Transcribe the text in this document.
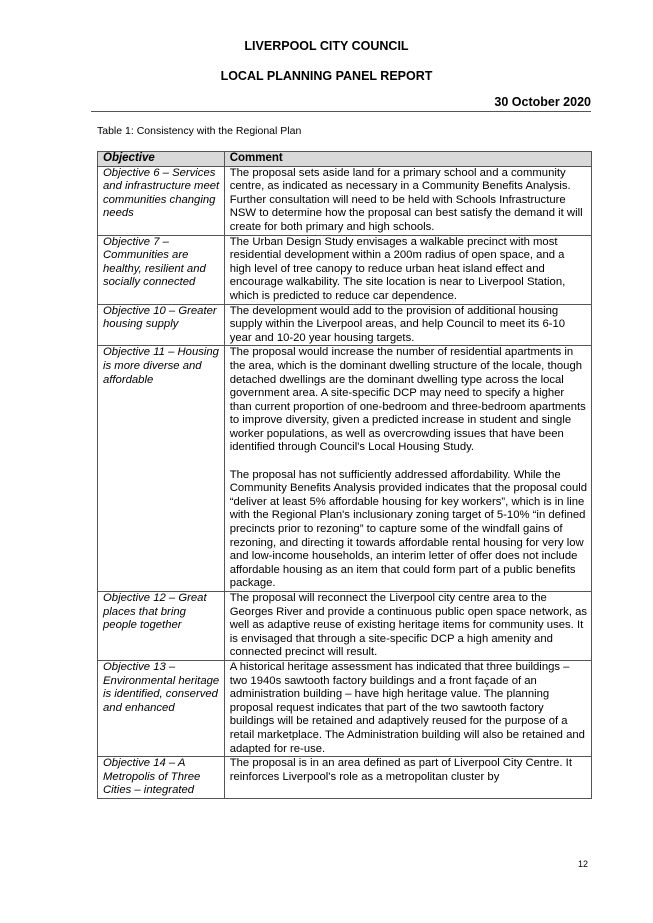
LIVERPOOL CITY COUNCIL
LOCAL PLANNING PANEL REPORT
30 October 2020
Table 1: Consistency with the Regional Plan
Objective	Comment
Objective 6 – Services and infrastructure meet communities changing needs	The proposal sets aside land for a primary school and a community centre, as indicated as necessary in a Community Benefits Analysis. Further consultation will need to be held with Schools Infrastructure NSW to determine how the proposal can best satisfy the demand it will create for both primary and high schools.

Objective 7 – Communities are healthy, resilient and socially connected	The Urban Design Study envisages a walkable precinct with most residential development within a 200m radius of open space, and a high level of tree canopy to reduce urban heat island effect and encourage walkability. The site location is near to Liverpool Station, which is predicted to reduce car dependence.

Objective 10 – Greater housing supply	The development would add to the provision of additional housing supply within the Liverpool areas, and help Council to meet its 6-10 year and 10-20 year housing targets.

Objective 11 – Housing is more diverse and affordable	The proposal would increase the number of residential apartments in the area, which is the dominant dwelling structure of the locale, though detached dwellings are the dominant dwelling type across the local government area. A site-specific DCP may need to specify a higher than current proportion of one-bedroom and three-bedroom apartments to improve diversity, given a predicted increase in student and single worker populations, as well as overcrowding issues that have been identified through Council's Local Housing Study.

The proposal has not sufficiently addressed affordability. While the Community Benefits Analysis provided indicates that the proposal could “deliver at least 5% affordable housing for key workers”, which is in line with the Regional Plan's inclusionary zoning target of 5-10% “in defined precincts prior to rezoning” to capture some of the windfall gains of rezoning, and directing it towards affordable rental housing for very low and low-income households, an interim letter of offer does not include affordable housing as an item that could form part of a public benefits package.

Objective 12 – Great places that bring people together	The proposal will reconnect the Liverpool city centre area to the Georges River and provide a continuous public open space network, as well as adaptive reuse of existing heritage items for community uses. It is envisaged that through a site-specific DCP a high amenity and connected precinct will result.

Objective 13 – Environmental heritage is identified, conserved and enhanced	A historical heritage assessment has indicated that three buildings – two 1940s sawtooth factory buildings and a front façade of an administration building – have high heritage value. The planning proposal request indicates that part of the two sawtooth factory buildings will be retained and adaptively reused for the purpose of a retail marketplace. The Administration building will also be retained and adapted for re-use.

Objective 14 – A Metropolis of Three Cities – integrated	The proposal is in an area defined as part of Liverpool City Centre. It reinforces Liverpool's role as a metropolitan cluster by

12
